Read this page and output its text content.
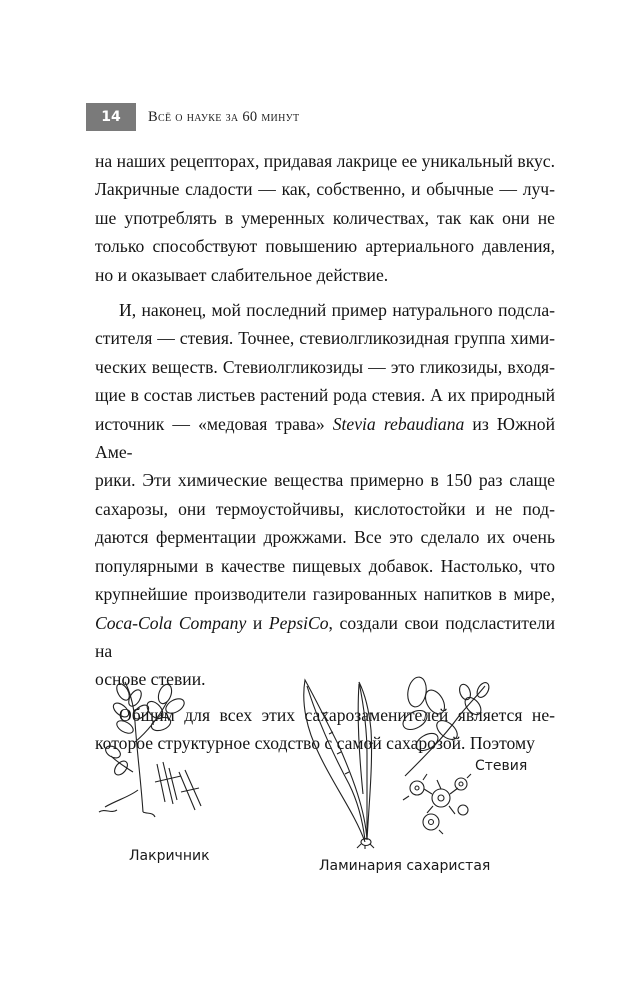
14	Всё о науке за 60 минут

на наших рецепторах, придавая лакрице ее уникальный вкус.
Лакричные сладости — как, собственно, и обычные — луч-
ше употреблять в умеренных количествах, так как они не
только способствуют повышению артериального давления,
но и оказывает слабительное действие.

И, наконец, мой последний пример натурального подсла-
стителя — стевия. Точнее, стевиолгликозидная группа хими-
ческих веществ. Стевиолгликозиды — это гликозиды, входя-
щие в состав листьев растений рода стевия. А их природный
источник — «медовая трава» Stevia rebaudiana из Южной Аме-
рики. Эти химические вещества примерно в 150 раз слаще
сахарозы, они термоустойчивы, кислотостойки и не под-
даются ферментации дрожжами. Все это сделало их очень
популярными в качестве пищевых добавок. Настолько, что
крупнейшие производители газированных напитков в мире,
Coca-Cola Company и PepsiCo, создали свои подсластители на
основе стевии.

Общим для всех этих сахарозаменителей является не-
которое структурное сходство с самой сахарозой. Поэтому

Лакричник
Ламинария сахаристая
Стевия
